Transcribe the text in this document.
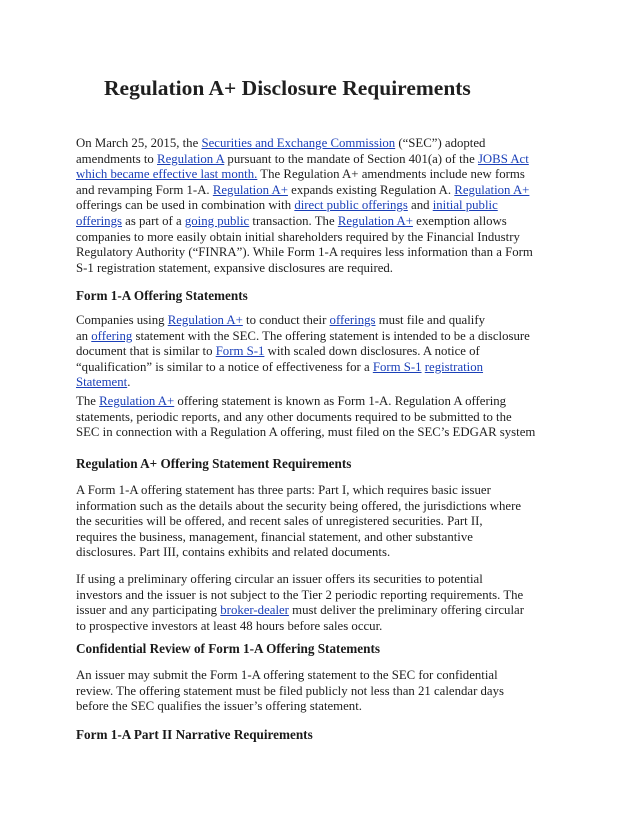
Regulation A+ Disclosure Requirements
On March 25, 2015, the Securities and Exchange Commission (“SEC”) adopted
amendments to Regulation A pursuant to the mandate of Section 401(a) of the JOBS Act
which became effective last month. The Regulation A+ amendments include new forms
and revamping Form 1-A. Regulation A+ expands existing Regulation A. Regulation A+
offerings can be used in combination with direct public offerings and initial public
offerings as part of a going public transaction. The Regulation A+ exemption allows
companies to more easily obtain initial shareholders required by the Financial Industry
Regulatory Authority (“FINRA”). While Form 1-A requires less information than a Form
S-1 registration statement, expansive disclosures are required.
Form 1-A Offering Statements
Companies using Regulation A+ to conduct their offerings must file and qualify
an offering statement with the SEC. The offering statement is intended to be a disclosure
document that is similar to Form S-1 with scaled down disclosures. A notice of
“qualification” is similar to a notice of effectiveness for a Form S-1 registration
Statement.
The Regulation A+ offering statement is known as Form 1-A. Regulation A offering
statements, periodic reports, and any other documents required to be submitted to the
SEC in connection with a Regulation A offering, must filed on the SEC’s EDGAR system
Regulation A+ Offering Statement Requirements
A Form 1-A offering statement has three parts: Part I, which requires basic issuer
information such as the details about the security being offered, the jurisdictions where
the securities will be offered, and recent sales of unregistered securities. Part II,
requires the business, management, financial statement, and other substantive
disclosures. Part III, contains exhibits and related documents.
If using a preliminary offering circular an issuer offers its securities to potential
investors and the issuer is not subject to the Tier 2 periodic reporting requirements. The
issuer and any participating broker-dealer must deliver the preliminary offering circular
to prospective investors at least 48 hours before sales occur.
Confidential Review of Form 1-A Offering Statements
An issuer may submit the Form 1-A offering statement to the SEC for confidential
review. The offering statement must be filed publicly not less than 21 calendar days
before the SEC qualifies the issuer’s offering statement.
Form 1-A Part II Narrative Requirements
